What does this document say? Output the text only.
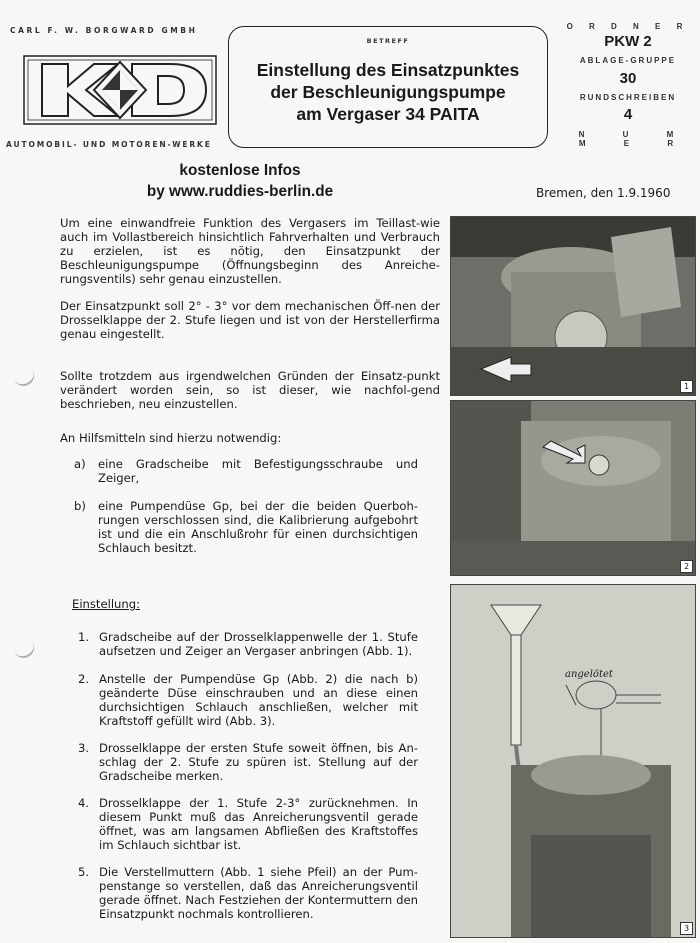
CARL F. W. BORGWARD GMBH
AUTOMOBIL- UND MOTOREN-WERKE
BETREFF
Einstellung des Einsatzpunktes
der Beschleunigungspumpe
am Vergaser 34 PAITA
O R D N E R
PKW 2
ABLAGE-GRUPPE
30
RUNDSCHREIBEN
4
N U M M E R
kostenlose Infos
by www.ruddies-berlin.de	Bremen, den 1.9.1960
Um eine einwandfreie Funktion des Vergasers im Teillast-wie auch im Vollastbereich hinsichtlich Fahrverhalten und Verbrauch zu erzielen, ist es nötig, den Einsatzpunkt der Beschleunigungspumpe (Öffnungsbeginn des Anreiche-rungsventils) sehr genau einzustellen.
Der Einsatzpunkt soll 2° - 3° vor dem mechanischen Öff-nen der Drosselklappe der 2. Stufe liegen und ist von der Herstellerfirma genau eingestellt.
Sollte trotzdem aus irgendwelchen Gründen der Einsatz-punkt verändert worden sein, so ist dieser, wie nachfol-gend beschrieben, neu einzustellen.
An Hilfsmitteln sind hierzu notwendig:
a) eine Gradscheibe mit Befestigungsschraube und Zeiger,
b) eine Pumpendüse Gp, bei der die beiden Querboh-rungen verschlossen sind, die Kalibrierung aufgebohrt ist und die ein Anschlußrohr für einen durchsichtigen Schlauch besitzt.
Einstellung:
1. Gradscheibe auf der Drosselklappenwelle der 1. Stufe aufsetzen und Zeiger an Vergaser anbringen (Abb. 1).
2. Anstelle der Pumpendüse Gp (Abb. 2) die nach b) geänderte Düse einschrauben und an diese einen durchsichtigen Schlauch anschließen, welcher mit Kraftstoff gefüllt wird (Abb. 3).
3. Drosselklappe der ersten Stufe soweit öffnen, bis An-schlag der 2. Stufe zu spüren ist. Stellung auf der Gradscheibe merken.
4. Drosselklappe der 1. Stufe 2-3° zurücknehmen. In diesem Punkt muß das Anreicherungsventil gerade öffnet, was am langsamen Abfließen des Kraftstoffes im Schlauch sichtbar ist.
5. Die Verstellmuttern (Abb. 1 siehe Pfeil) an der Pum-penstange so verstellen, daß das Anreicherungsventil gerade öffnet. Nach Festziehen der Kontermuttern den Einsatzpunkt nochmals kontrollieren.
1
2
angelötet
3
